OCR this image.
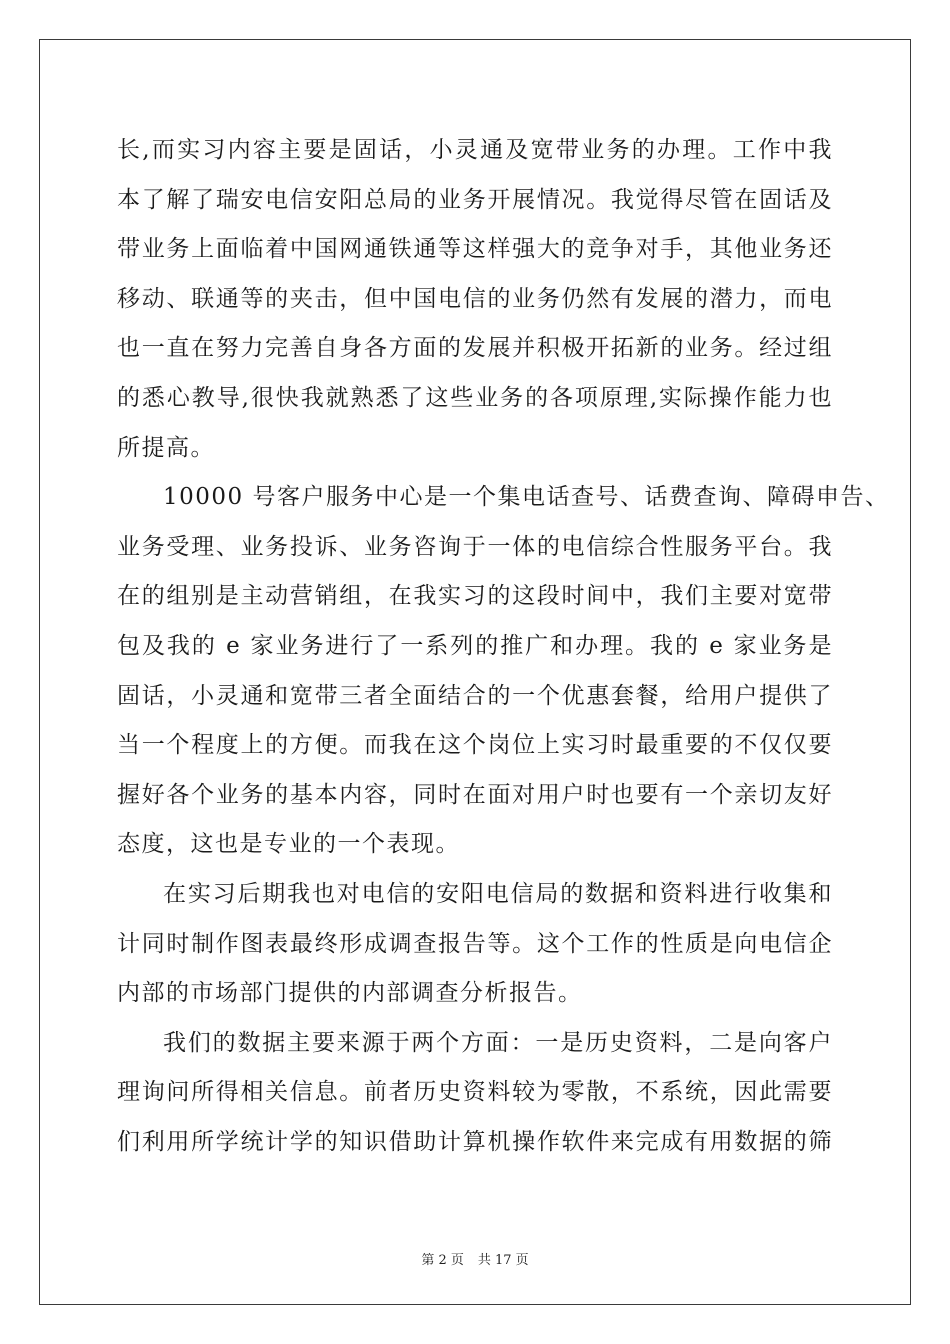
长,而实习内容主要是固话，小灵通及宽带业务的办理。工作中我
本了解了瑞安电信安阳总局的业务开展情况。我觉得尽管在固话及
带业务上面临着中国网通铁通等这样强大的竞争对手，其他业务还
移动、联通等的夹击，但中国电信的业务仍然有发展的潜力，而电
也一直在努力完善自身各方面的发展并积极开拓新的业务。经过组
的悉心教导,很快我就熟悉了这些业务的各项原理,实际操作能力也
所提高。
10000 号客户服务中心是一个集电话查号、话费查询、障碍申告、
业务受理、业务投诉、业务咨询于一体的电信综合性服务平台。我
在的组别是主动营销组，在我实习的这段时间中，我们主要对宽带
包及我的 e 家业务进行了一系列的推广和办理。我的 e 家业务是
固话，小灵通和宽带三者全面结合的一个优惠套餐，给用户提供了
当一个程度上的方便。而我在这个岗位上实习时最重要的不仅仅要
握好各个业务的基本内容，同时在面对用户时也要有一个亲切友好
态度，这也是专业的一个表现。
在实习后期我也对电信的安阳电信局的数据和资料进行收集和
计同时制作图表最终形成调查报告等。这个工作的性质是向电信企
内部的市场部门提供的内部调查分析报告。
我们的数据主要来源于两个方面：一是历史资料，二是向客户
理询问所得相关信息。前者历史资料较为零散，不系统，因此需要
们利用所学统计学的知识借助计算机操作软件来完成有用数据的筛
第 2 页 共 17 页
